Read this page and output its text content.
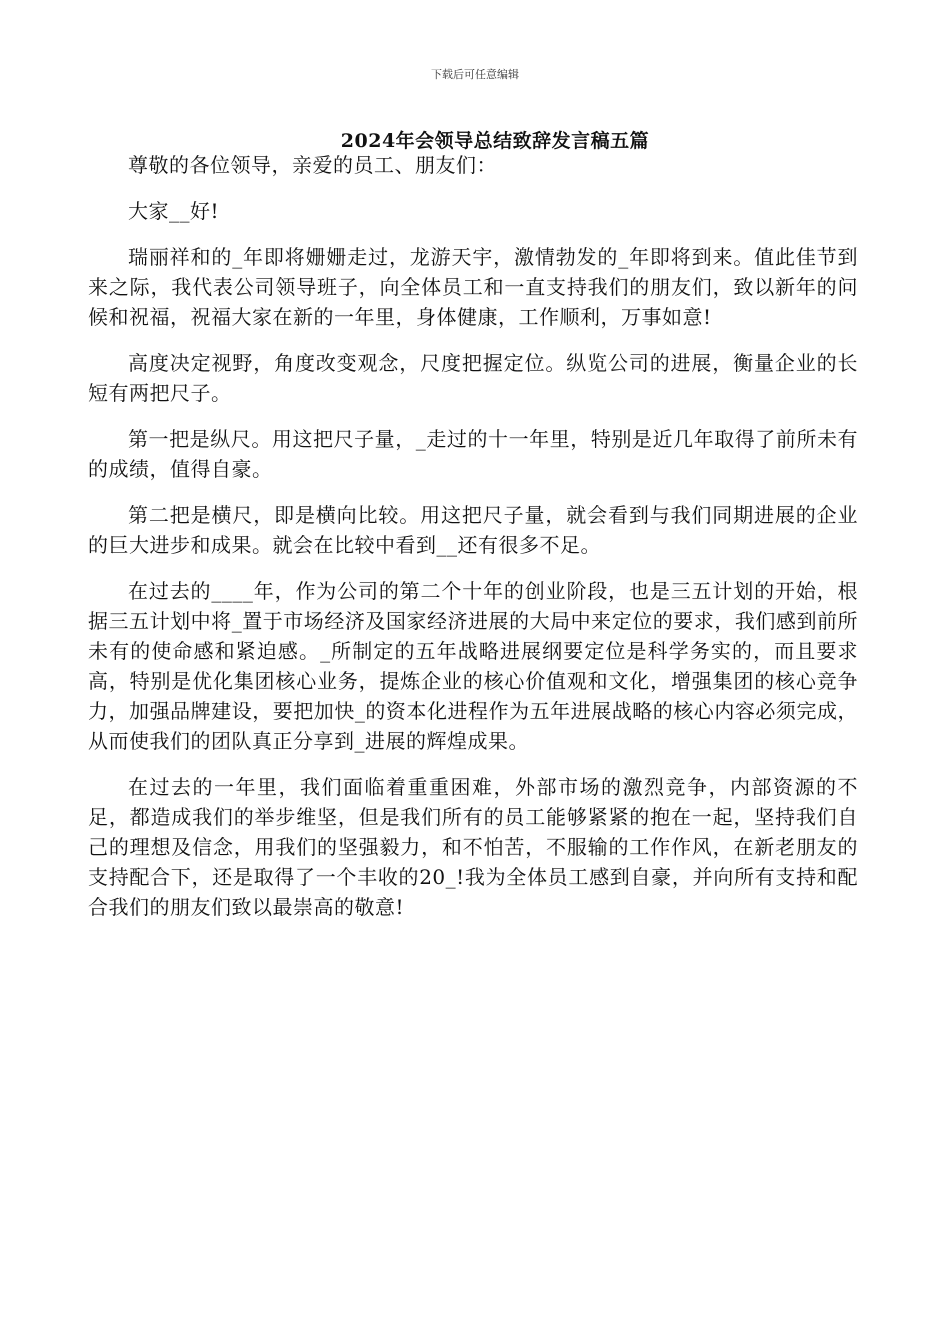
下载后可任意编辑
2024年会领导总结致辞发言稿五篇

尊敬的各位领导，亲爱的员工、朋友们：

大家__好!

瑞丽祥和的_年即将姗姗走过，龙游天宇，激情勃发的_年即将到来。值此佳节到来之际，我代表公司领导班子，向全体员工和一直支持我们的朋友们，致以新年的问候和祝福，祝福大家在新的一年里，身体健康，工作顺利，万事如意!

高度决定视野，角度改变观念，尺度把握定位。纵览公司的进展，衡量企业的长短有两把尺子。

第一把是纵尺。用这把尺子量，_走过的十一年里，特别是近几年取得了前所未有的成绩，值得自豪。

第二把是横尺，即是横向比较。用这把尺子量，就会看到与我们同期进展的企业的巨大进步和成果。就会在比较中看到__还有很多不足。

在过去的____年，作为公司的第二个十年的创业阶段，也是三五计划的开始，根据三五计划中将_置于市场经济及国家经济进展的大局中来定位的要求，我们感到前所未有的使命感和紧迫感。_所制定的五年战略进展纲要定位是科学务实的，而且要求高，特别是优化集团核心业务，提炼企业的核心价值观和文化，增强集团的核心竞争力，加强品牌建设，要把加快_的资本化进程作为五年进展战略的核心内容必须完成，从而使我们的团队真正分享到_进展的辉煌成果。

在过去的一年里，我们面临着重重困难，外部市场的激烈竞争，内部资源的不足，都造成我们的举步维坚，但是我们所有的员工能够紧紧的抱在一起，坚持我们自己的理想及信念，用我们的坚强毅力，和不怕苦，不服输的工作作风，在新老朋友的支持配合下，还是取得了一个丰收的20_!我为全体员工感到自豪，并向所有支持和配合我们的朋友们致以最崇高的敬意!
